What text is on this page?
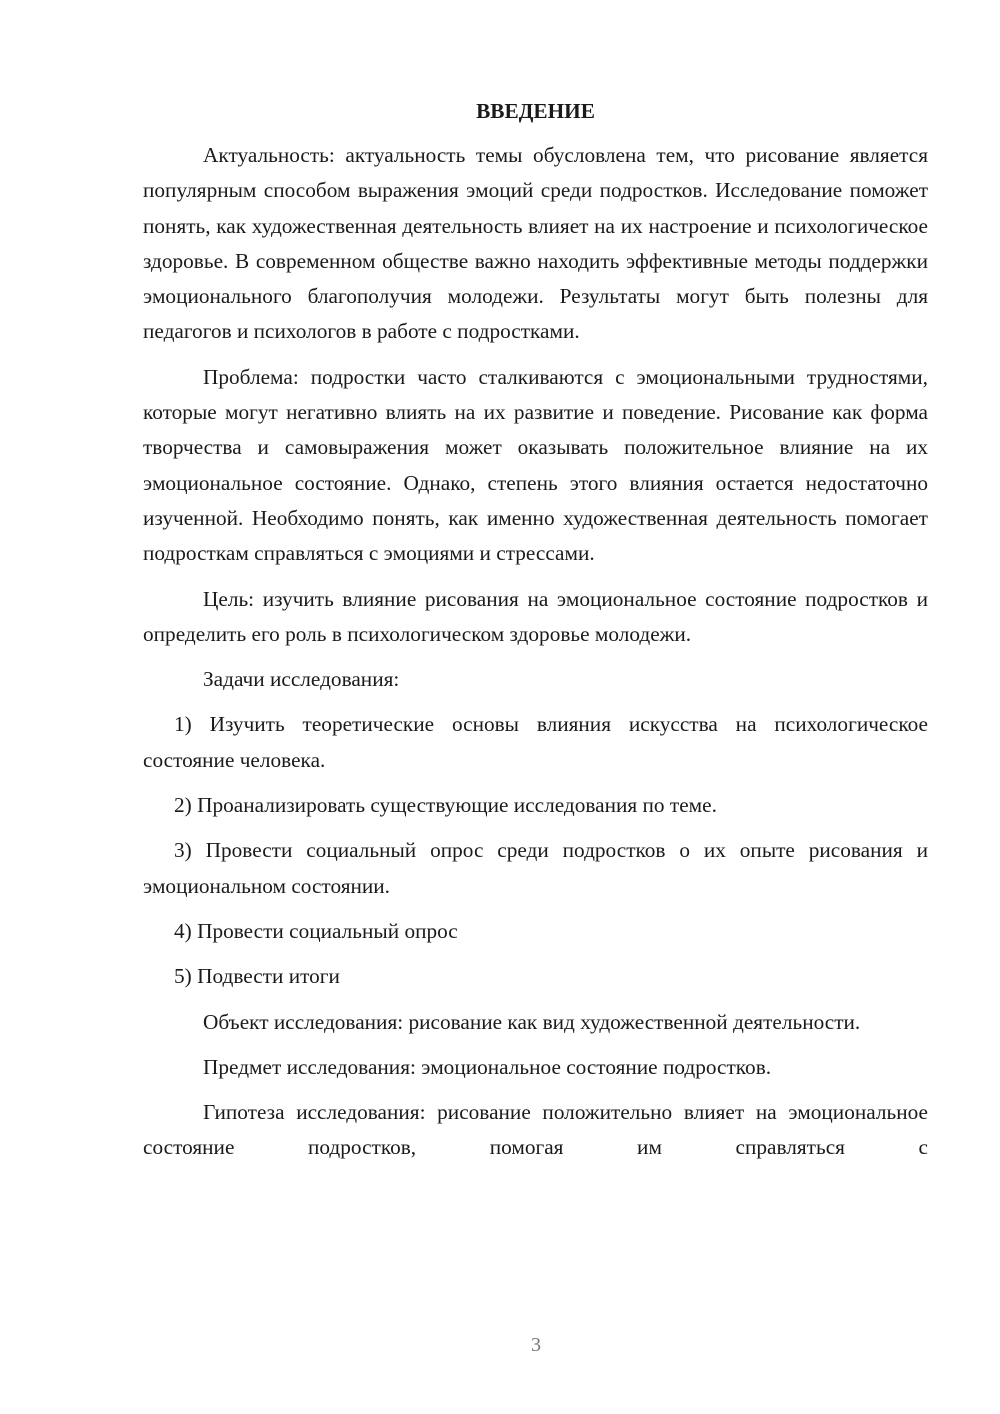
ВВЕДЕНИЕ

Актуальность: актуальность темы обусловлена тем, что рисование является популярным способом выражения эмоций среди подростков. Исследование поможет понять, как художественная деятельность влияет на их настроение и психологическое здоровье. В современном обществе важно находить эффективные методы поддержки эмоционального благополучия молодежи. Результаты могут быть полезны для педагогов и психологов в работе с подростками.

Проблема: подростки часто сталкиваются с эмоциональными трудностями, которые могут негативно влиять на их развитие и поведение. Рисование как форма творчества и самовыражения может оказывать положительное влияние на их эмоциональное состояние. Однако, степень этого влияния остается недостаточно изученной. Необходимо понять, как именно художественная деятельность помогает подросткам справляться с эмоциями и стрессами.

Цель: изучить влияние рисования на эмоциональное состояние подростков и определить его роль в психологическом здоровье молодежи.

Задачи исследования:

1) Изучить теоретические основы влияния искусства на психологическое состояние человека.

2) Проанализировать существующие исследования по теме.

3) Провести социальный опрос среди подростков о их опыте рисования и эмоциональном состоянии.

4) Провести социальный опрос

5) Подвести итоги

Объект исследования: рисование как вид художественной деятельности.

Предмет исследования: эмоциональное состояние подростков.

Гипотеза исследования: рисование положительно влияет на эмоциональное состояние подростков, помогая им справляться с

3
